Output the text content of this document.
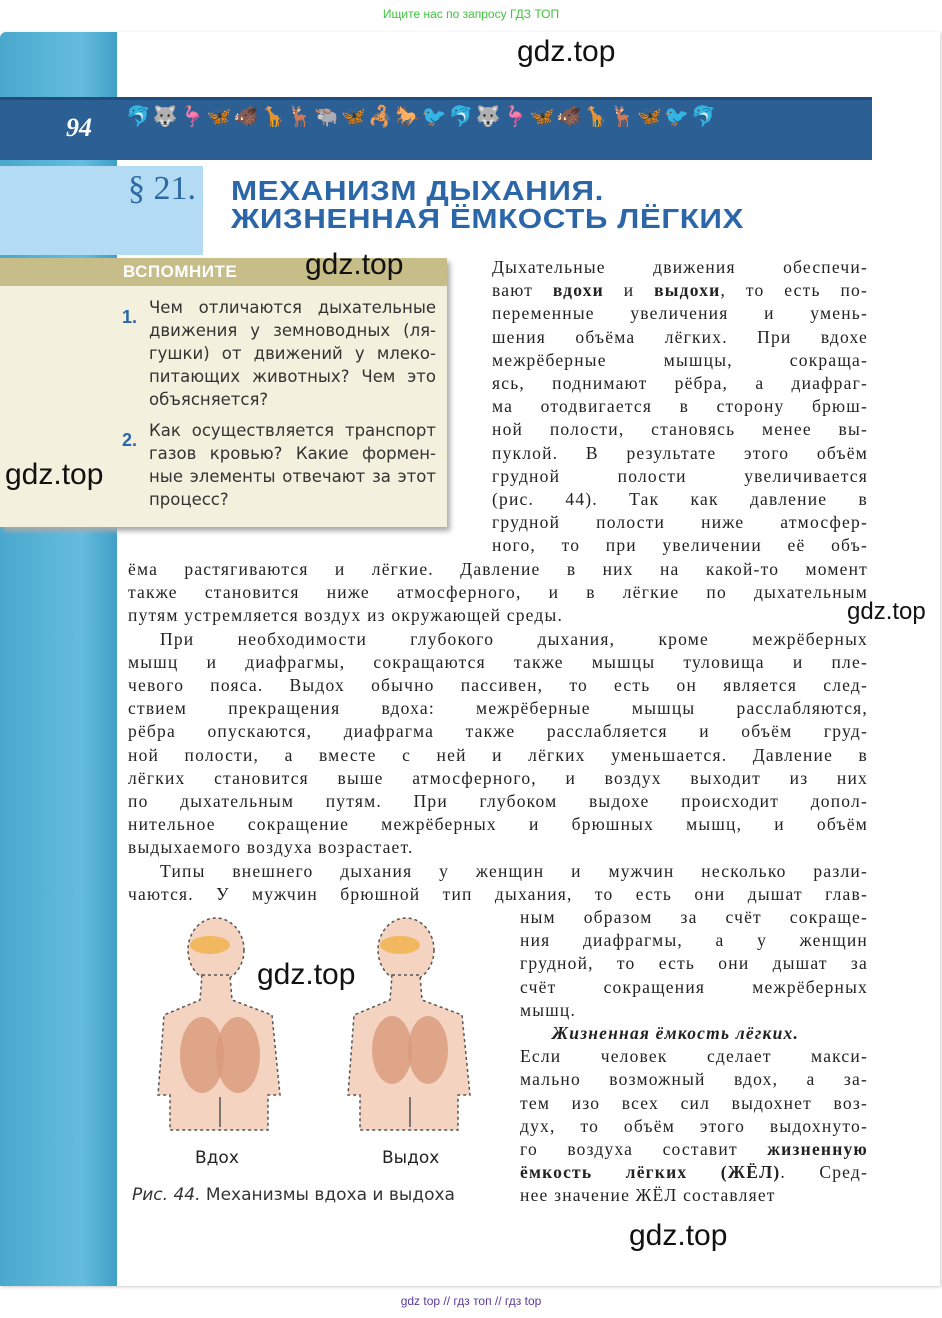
Ищите нас по запросу ГДЗ ТОП
94 🐬🐺🦩🦋🐗🦒🦌🐃🦋🦂🐎🐦🐬🐺🦩🦋🐗🦒🦌🦋🐦🐬
§ 21. МЕХАНИЗМ ДЫХАНИЯ.
ЖИЗНЕННАЯ ЁМКОСТЬ ЛЁГКИХ
ВСПОМНИТЕ
1. Чем отличаются дыхательные
движения у земноводных (ля-
гушки) от движений у млеко-
питающих животных? Чем это
объясняется?
2. Как осуществляется транспорт
газов кровью? Какие формен-
ные элементы отвечают за этот
процесс?
Дыхательные движения обеспечи-
вают вдохи и выдохи, то есть по-
переменные увеличения и умень-
шения объёма лёгких. При вдохе
межрёберные мышцы, сокраща-
ясь, поднимают рёбра, а диафраг-
ма отодвигается в сторону брюш-
ной полости, становясь менее вы-
пуклой. В результате этого объём
грудной полости увеличивается
(рис. 44). Так как давление в
грудной полости ниже атмосфер-
ного, то при увеличении её объ-
ёма растягиваются и лёгкие. Давление в них на какой-то момент
также становится ниже атмосферного, и в лёгкие по дыхательным
путям устремляется воздух из окружающей среды.
При необходимости глубокого дыхания, кроме межрёберных
мышц и диафрагмы, сокращаются также мышцы туловища и пле-
чевого пояса. Выдох обычно пассивен, то есть он является след-
ствием прекращения вдоха: межрёберные мышцы расслабляются,
рёбра опускаются, диафрагма также расслабляется и объём груд-
ной полости, а вместе с ней и лёгких уменьшается. Давление в
лёгких становится выше атмосферного, и воздух выходит из них
по дыхательным путям. При глубоком выдохе происходит допол-
нительное сокращение межрёберных и брюшных мышц, и объём
выдыхаемого воздуха возрастает.
Типы внешнего дыхания у женщин и мужчин несколько разли-
чаются. У мужчин брюшной тип дыхания, то есть они дышат глав-
ным образом за счёт сокраще-
ния диафрагмы, а у женщин
грудной, то есть они дышат за
счёт сокращения межрёберных
мышц.
Жизненная ёмкость лёгких.
Если человек сделает макси-
мально возможный вдох, а за-
тем изо всех сил выдохнет воз-
дух, то объём этого выдохнуто-
го воздуха составит жизненную
ёмкость лёгких (ЖЁЛ). Сред-
нее значение ЖЁЛ составляет
Вдох	Выдох
Рис. 44. Механизмы вдоха и выдоха
gdz.top
gdz.top
gdz.top
gdz.top
gdz.top
gdz.top
gdz top // гдз топ // гдз top
